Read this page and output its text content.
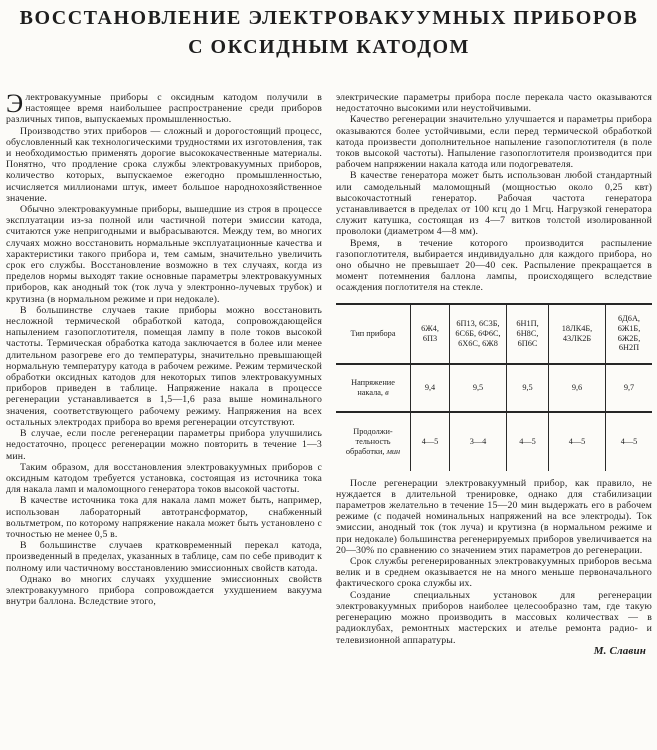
ВОССТАНОВЛЕНИЕ ЭЛЕКТРОВАКУУМНЫХ ПРИБОРОВ
С ОКСИДНЫМ КАТОДОМ

Электровакуумные приборы с оксидным катодом получили в настоящее время наибольшее распространение среди приборов различных типов, выпускаемых промышленностью.

Производство этих приборов — сложный и дорогостоящий процесс, обусловленный как технологическими трудностями их изготовления, так и необходимостью применять дорогие высококачественные материалы. Понятно, что продление срока службы электровакуумных приборов, количество которых, выпускаемое ежегодно промышленностью, исчисляется миллионами штук, имеет большое народнохозяйственное значение.

Обычно электровакуумные приборы, вышедшие из строя в процессе эксплуатации из-за полной или частичной потери эмиссии катода, считаются уже непригодными и выбрасываются. Между тем, во многих случаях можно восстановить нормальные эксплуатационные качества и характеристики такого прибора и, тем самым, значительно увеличить срок его службы. Восстановление возможно в тех случаях, когда из пределов нормы выходят такие основные параметры электровакуумных приборов, как анодный ток (ток луча у электронно-лучевых трубок) и крутизна (в нормальном режиме и при недокале).

В большинстве случаев такие приборы можно восстановить несложной термической обработкой катода, сопровождающейся напылением газопоглотителя, помещая лампу в поле токов высокой частоты. Термическая обработка катода заключается в более или менее длительном разогреве его до температуры, значительно превышающей нормальную температуру катода в рабочем режиме. Режим термической обработки оксидных катодов для некоторых типов электровакуумных приборов приведен в таблице. Напряжение накала в процессе регенерации устанавливается в 1,5—1,6 раза выше номинального значения, соответствующего рабочему режиму. Напряжения на всех остальных электродах прибора во время регенерации отсутствуют.

В случае, если после регенерации параметры прибора улучшились недостаточно, процесс регенерации можно повторить в течение 1—3 мин.

Таким образом, для восстановления электровакуумных приборов с оксидным катодом требуется установка, состоящая из источника тока для накала ламп и маломощного генератора токов высокой частоты.

В качестве источника тока для накала ламп может быть, например, использован лабораторный автотрансформатор, снабженный вольтметром, по которому напряжение накала может быть установлено с точностью не менее 0,5 в.

В большинстве случаев кратковременный перекал катода, произведенный в пределах, указанных в таблице, сам по себе приводит к полному или частичному восстановлению эмиссионных свойств катода.

Однако во многих случаях ухудшение эмиссионных свойств электровакуумного прибора сопровождается ухудшением вакуума внутри баллона. Вследствие этого,

электрические параметры прибора после перекала часто оказываются недостаточно высокими или неустойчивыми.

Качество регенерации значительно улучшается и параметры прибора оказываются более устойчивыми, если перед термической обработкой катода произвести дополнительное напыление газопоглотителя (в поле токов высокой частоты). Напыление газопоглотителя производится при рабочем напряжении накала катода или подогревателя.

В качестве генератора может быть использован любой стандартный или самодельный маломощный (мощностью около 0,25 квт) высокочастотный генератор. Рабочая частота генератора устанавливается в пределах от 100 кгц до 1 Мгц. Нагрузкой генератора служит катушка, состоящая из 4—7 витков толстой изолированной проволоки (диаметром 4—8 мм).

Время, в течение которого производится распыление газопоглотителя, выбирается индивидуально для каждого прибора, но оно обычно не превышает 20—40 сек. Распыление прекращается в момент потемнения баллона лампы, происходящего вследствие осаждения поглотителя на стекле.

Тип прибора	6Ж4, 6П3	6П13, 6С3Б, 6С6Б, 6Ф6С, 6Х6С, 6Ж8	6Н1П, 6Н8С, 6П6С	18ЛК4Б, 43ЛК2Б	6Д6А, 6Ж1Б, 6Ж2Б, 6Н2П
Напряжение накала, в	9,4	9,5	9,5	9,6	9,7
Продолжительность обработки, мин	4—5	3—4	4—5	4—5	4—5

После регенерации электровакуумный прибор, как правило, не нуждается в длительной тренировке, однако для стабилизации параметров желательно в течение 15—20 мин выдержать его в рабочем режиме (с подачей номинальных напряжений на все электроды). Ток эмиссии, анодный ток (ток луча) и крутизна (в нормальном режиме и при недокале) большинства регенерируемых приборов увеличивается на 20—30% по сравнению со значением этих параметров до регенерации.

Срок службы регенерированных электровакуумных приборов весьма велик и в среднем оказывается не на много меньше первоначального фактического срока службы их.

Создание специальных установок для регенерации электровакуумных приборов наиболее целесообразно там, где такую регенерацию можно производить в массовых количествах — в радиоклубах, ремонтных мастерских и ателье ремонта радио- и телевизионной аппаратуры.

М. Славин
